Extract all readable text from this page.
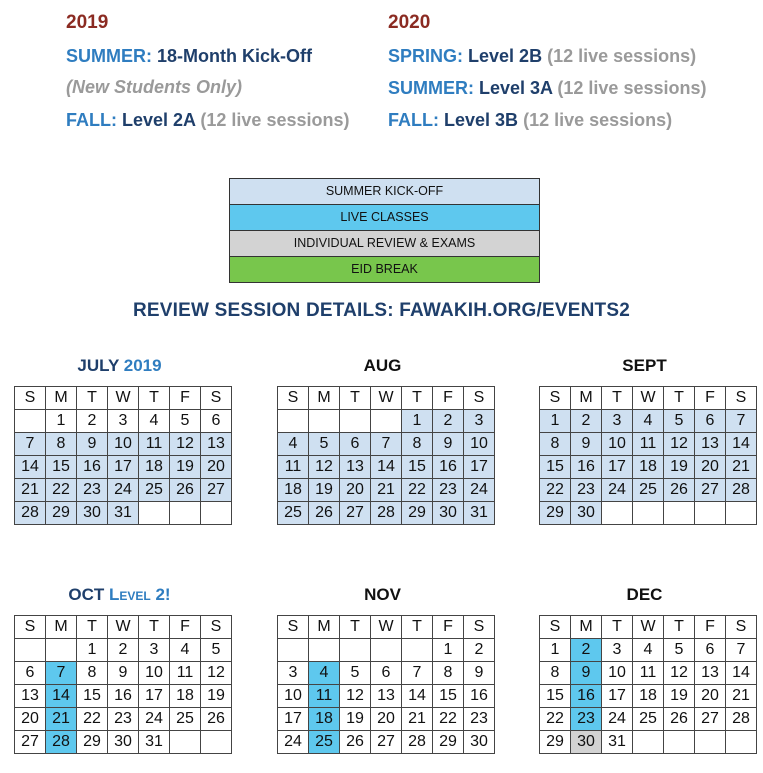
2019
SUMMER: 18-Month Kick-Off
(New Students Only)
FALL: Level 2A (12 live sessions)
2020
SPRING: Level 2B (12 live sessions)
SUMMER: Level 3A (12 live sessions)
FALL: Level 3B (12 live sessions)
SUMMER KICK-OFF
LIVE CLASSES
INDIVIDUAL REVIEW & EXAMS
EID BREAK
REVIEW SESSION DETAILS: FAWAKIH.ORG/EVENTS2
JULY 2019	AUG	SEPT
OCT Level 2!	NOV	DEC
S	M	T	W	T	F	S
	1	2	3	4	5	6
7	8	9	10	11	12	13
14	15	16	17	18	19	20
21	22	23	24	25	26	27
28	29	30	31			
S	M	T	W	T	F	S
				1	2	3
4	5	6	7	8	9	10
11	12	13	14	15	16	17
18	19	20	21	22	23	24
25	26	27	28	29	30	31
S	M	T	W	T	F	S
1	2	3	4	5	6	7
8	9	10	11	12	13	14
15	16	17	18	19	20	21
22	23	24	25	26	27	28
29	30					
S	M	T	W	T	F	S
		1	2	3	4	5
6	7	8	9	10	11	12
13	14	15	16	17	18	19
20	21	22	23	24	25	26
27	28	29	30	31		
S	M	T	W	T	F	S
					1	2
3	4	5	6	7	8	9
10	11	12	13	14	15	16
17	18	19	20	21	22	23
24	25	26	27	28	29	30
S	M	T	W	T	F	S
1	2	3	4	5	6	7
8	9	10	11	12	13	14
15	16	17	18	19	20	21
22	23	24	25	26	27	28
29	30	31				
